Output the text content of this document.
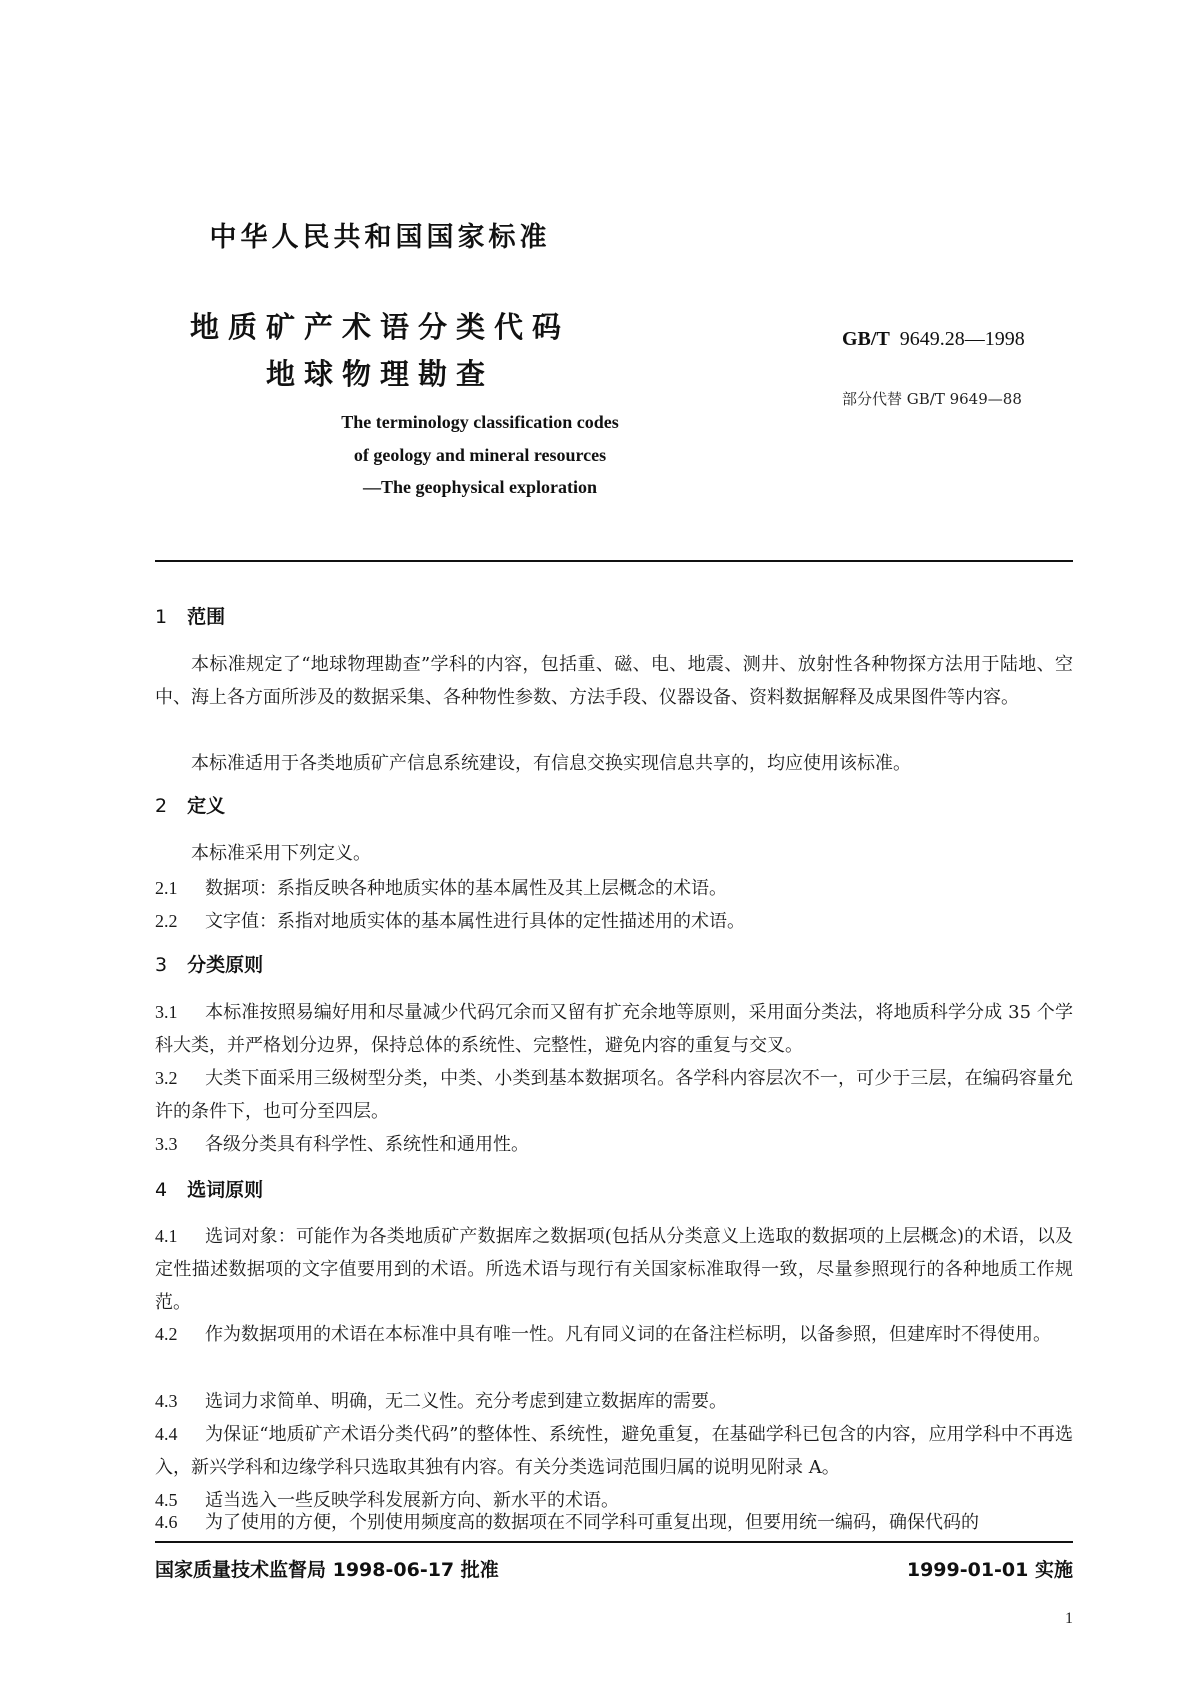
中华人民共和国国家标准
地质矿产术语分类代码
地球物理勘查
GB/T 9649.28—1998
部分代替 GB/T 9649—88
The terminology classification codes
of geology and mineral resources
—The geophysical exploration
1 范围
本标准规定了“地球物理勘查”学科的内容，包括重、磁、电、地震、测井、放射性各种物探方法用于陆地、空中、海上各方面所涉及的数据采集、各种物性参数、方法手段、仪器设备、资料数据解释及成果图件等内容。
本标准适用于各类地质矿产信息系统建设，有信息交换实现信息共享的，均应使用该标准。
2 定义
本标准采用下列定义。
2.1 数据项：系指反映各种地质实体的基本属性及其上层概念的术语。
2.2 文字值：系指对地质实体的基本属性进行具体的定性描述用的术语。
3 分类原则
3.1 本标准按照易编好用和尽量减少代码冗余而又留有扩充余地等原则，采用面分类法，将地质科学分成 35 个学科大类，并严格划分边界，保持总体的系统性、完整性，避免内容的重复与交叉。
3.2 大类下面采用三级树型分类，中类、小类到基本数据项名。各学科内容层次不一，可少于三层，在编码容量允许的条件下，也可分至四层。
3.3 各级分类具有科学性、系统性和通用性。
4 选词原则
4.1 选词对象：可能作为各类地质矿产数据库之数据项(包括从分类意义上选取的数据项的上层概念)的术语，以及定性描述数据项的文字值要用到的术语。所选术语与现行有关国家标准取得一致，尽量参照现行的各种地质工作规范。
4.2 作为数据项用的术语在本标准中具有唯一性。凡有同义词的在备注栏标明，以备参照，但建库时不得使用。
4.3 选词力求简单、明确，无二义性。充分考虑到建立数据库的需要。
4.4 为保证“地质矿产术语分类代码”的整体性、系统性，避免重复，在基础学科已包含的内容，应用学科中不再选入，新兴学科和边缘学科只选取其独有内容。有关分类选词范围归属的说明见附录 A。
4.5 适当选入一些反映学科发展新方向、新水平的术语。
4.6 为了使用的方便，个别使用频度高的数据项在不同学科可重复出现，但要用统一编码，确保代码的
国家质量技术监督局 1998-06-17 批准	1999-01-01 实施
1
